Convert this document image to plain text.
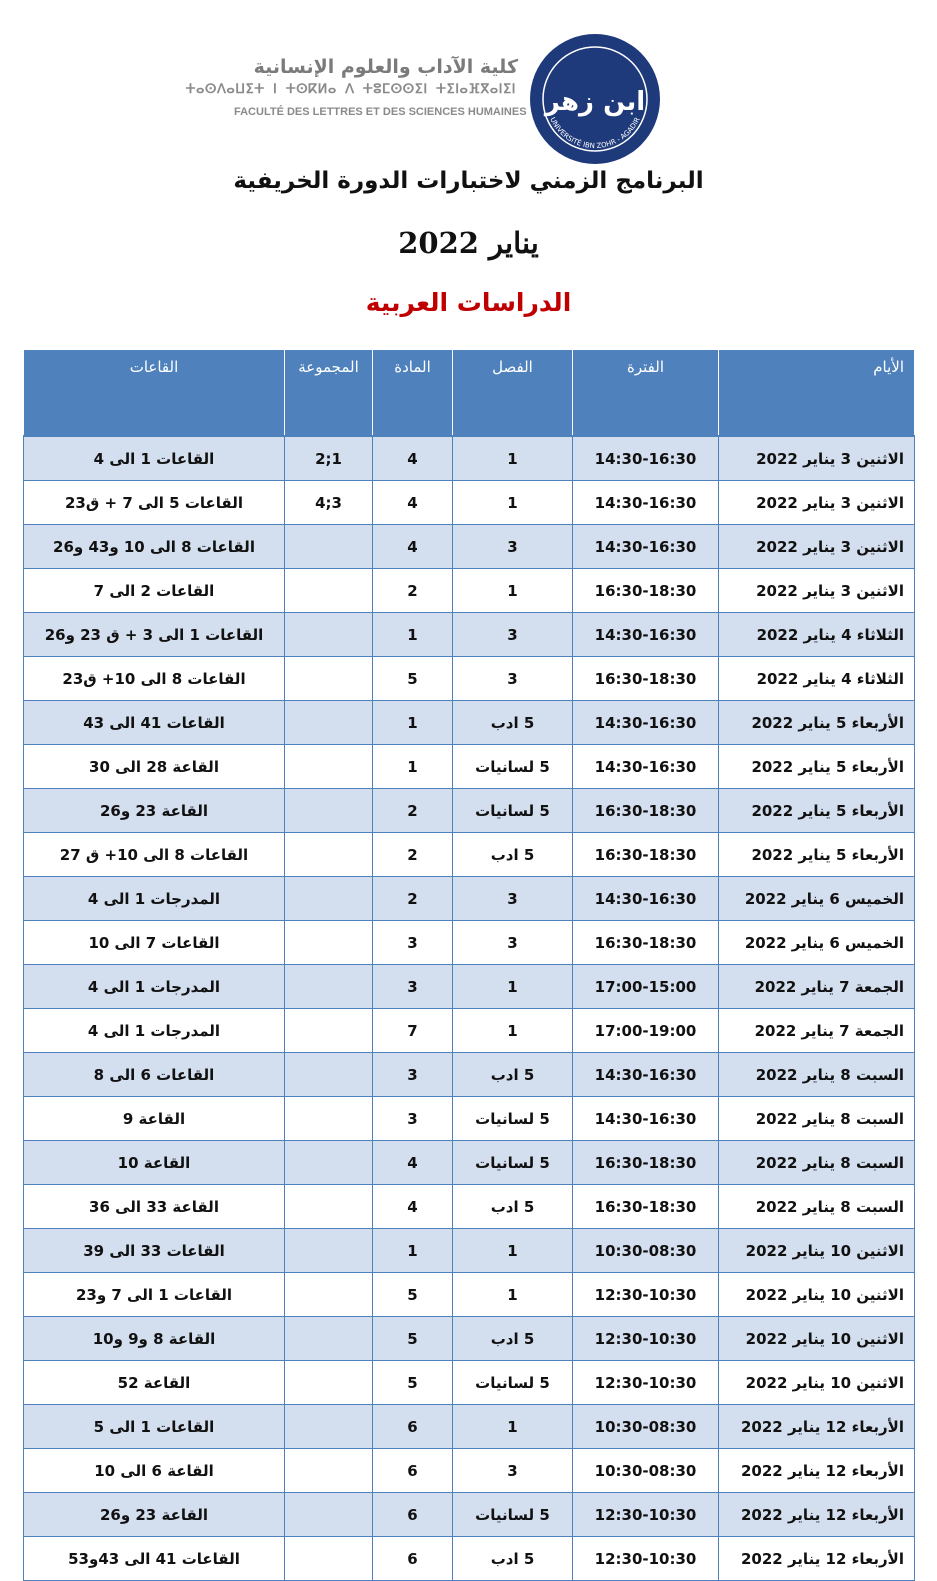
UNIVERSITÉ IBN ZOHR - AGADIR
ابن زهر
كلية الآداب والعلوم الإنسانية
ⵜⴰⵙⴷⴰⵡⵉⵜ ⵏ ⵜⵙⴽⵍⴰ ⴷ ⵜⵓⵎⵙⵙⵉⵏ ⵜⵉⵏⴰⴼⴳⴰⵏⵉⵏ
FACULTÉ DES LETTRES ET DES SCIENCES HUMAINES
البرنامج الزمني لاختبارات الدورة الخريفية
يناير 2022
الدراسات العربية
الأيام	الفترة	الفصل	المادة	المجموعة	القاعات
الاثنين 3 يناير 2022	14:30-16:30	1	4	1;2	القاعات 1 الى 4
الاثنين 3 يناير 2022	14:30-16:30	1	4	3;4	القاعات 5 الى 7 + ق23
الاثنين 3 يناير 2022	14:30-16:30	3	4		القاعات 8 الى 10 و43 و26
الاثنين 3 يناير 2022	16:30-18:30	1	2		القاعات 2 الى 7
الثلاثاء 4 يناير 2022	14:30-16:30	3	1		القاعات 1 الى 3 + ق 23 و26
الثلاثاء 4 يناير 2022	16:30-18:30	3	5		القاعات 8 الى 10+ ق23
الأربعاء 5 يناير 2022	14:30-16:30	5 ادب	1		القاعات 41 الى 43
الأربعاء 5 يناير 2022	14:30-16:30	5 لسانيات	1		القاعة 28 الى 30
الأربعاء 5 يناير 2022	16:30-18:30	5 لسانيات	2		القاعة 23 و26
الأربعاء 5 يناير 2022	16:30-18:30	5 ادب	2		القاعات 8 الى 10+ ق 27
الخميس 6 يناير 2022	14:30-16:30	3	2		المدرجات 1 الى 4
الخميس 6 يناير 2022	16:30-18:30	3	3		القاعات 7 الى 10
الجمعة 7 يناير 2022	17:00-15:00	1	3		المدرجات 1 الى 4
الجمعة 7 يناير 2022	17:00-19:00	1	7		المدرجات 1 الى 4
السبت 8 يناير 2022	14:30-16:30	5 ادب	3		القاعات 6 الى 8
السبت 8 يناير 2022	14:30-16:30	5 لسانيات	3		القاعة 9
السبت 8 يناير 2022	16:30-18:30	5 لسانيات	4		القاعة 10
السبت 8 يناير 2022	16:30-18:30	5 ادب	4		القاعة 33 الى 36
الاثنين 10 يناير 2022	10:30-08:30	1	1		القاعات 33 الى 39
الاثنين 10 يناير 2022	12:30-10:30	1	5		القاعات 1 الى 7 و23
الاثنين 10 يناير 2022	12:30-10:30	5 ادب	5		القاعة 8 و9 و10
الاثنين 10 يناير 2022	12:30-10:30	5 لسانيات	5		القاعة 52
الأربعاء 12 يناير 2022	10:30-08:30	1	6		القاعات 1 الى 5
الأربعاء 12 يناير 2022	10:30-08:30	3	6		القاعة 6 الى 10
الأربعاء 12 يناير 2022	12:30-10:30	5 لسانيات	6		القاعة 23 و26
الأربعاء 12 يناير 2022	12:30-10:30	5 ادب	6		القاعات 41 الى 43و53
